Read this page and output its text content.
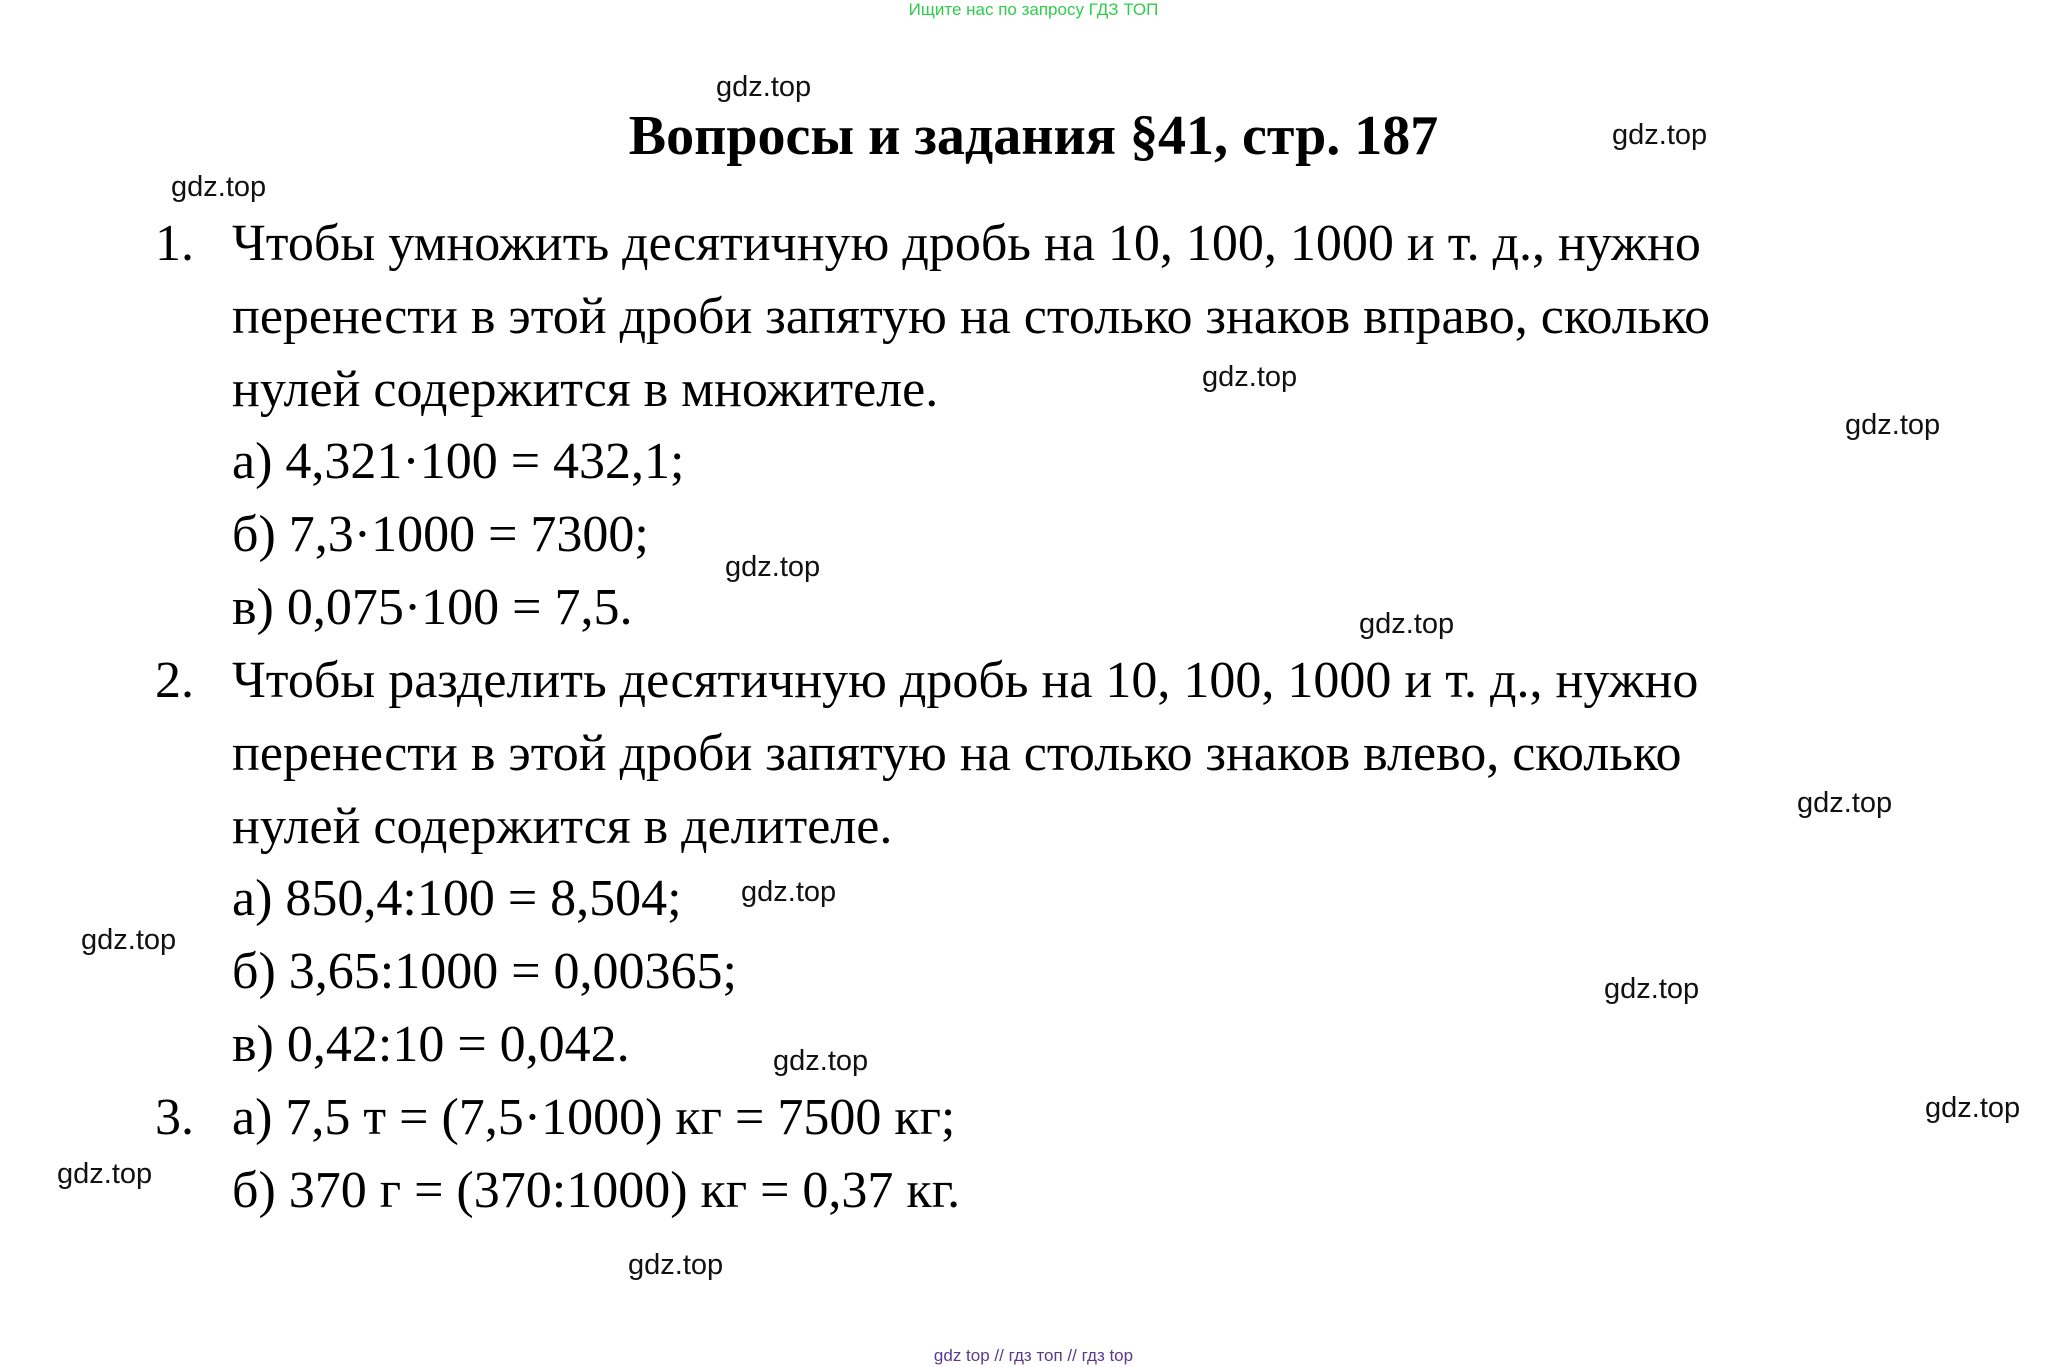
Ищите нас по запросу ГДЗ ТОП
Вопросы и задания §41, стр. 187
1. Чтобы умножить десятичную дробь на 10, 100, 1000 и т. д., нужно
перенести в этой дроби запятую на столько знаков вправо, сколько
нулей содержится в множителе.
а) 4,321·100 = 432,1;
б) 7,3·1000 = 7300;
в) 0,075·100 = 7,5.
2. Чтобы разделить десятичную дробь на 10, 100, 1000 и т. д., нужно
перенести в этой дроби запятую на столько знаков влево, сколько
нулей содержится в делителе.
а) 850,4:100 = 8,504;
б) 3,65:1000 = 0,00365;
в) 0,42:10 = 0,042.
3. а) 7,5 т = (7,5·1000) кг = 7500 кг;
б) 370 г = (370:1000) кг = 0,37 кг.
gdz.top
gdz.top
gdz.top
gdz.top
gdz.top
gdz.top
gdz.top
gdz.top
gdz.top
gdz.top
gdz.top
gdz.top
gdz.top
gdz.top
gdz.top
gdz top // гдз топ // гдз top
